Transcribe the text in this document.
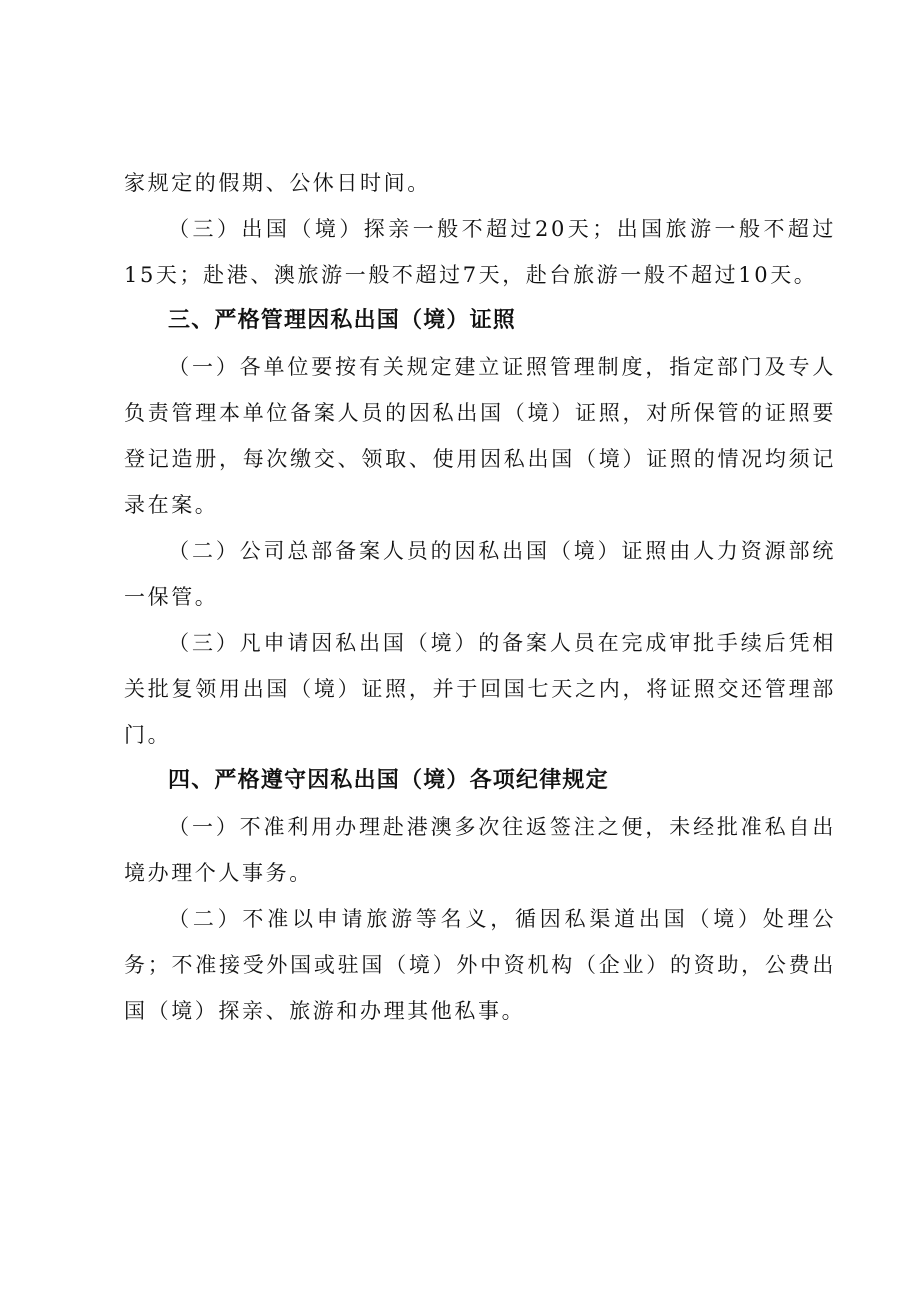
家规定的假期、公休日时间。

（三）出国（境）探亲一般不超过20天；出国旅游一般不超过15天；赴港、澳旅游一般不超过7天，赴台旅游一般不超过10天。

三、严格管理因私出国（境）证照

（一）各单位要按有关规定建立证照管理制度，指定部门及专人负责管理本单位备案人员的因私出国（境）证照，对所保管的证照要登记造册，每次缴交、领取、使用因私出国（境）证照的情况均须记录在案。

（二）公司总部备案人员的因私出国（境）证照由人力资源部统一保管。

（三）凡申请因私出国（境）的备案人员在完成审批手续后凭相关批复领用出国（境）证照，并于回国七天之内，将证照交还管理部门。

四、严格遵守因私出国（境）各项纪律规定

（一）不准利用办理赴港澳多次往返签注之便，未经批准私自出境办理个人事务。

（二）不准以申请旅游等名义，循因私渠道出国（境）处理公务；不准接受外国或驻国（境）外中资机构（企业）的资助，公费出国（境）探亲、旅游和办理其他私事。
